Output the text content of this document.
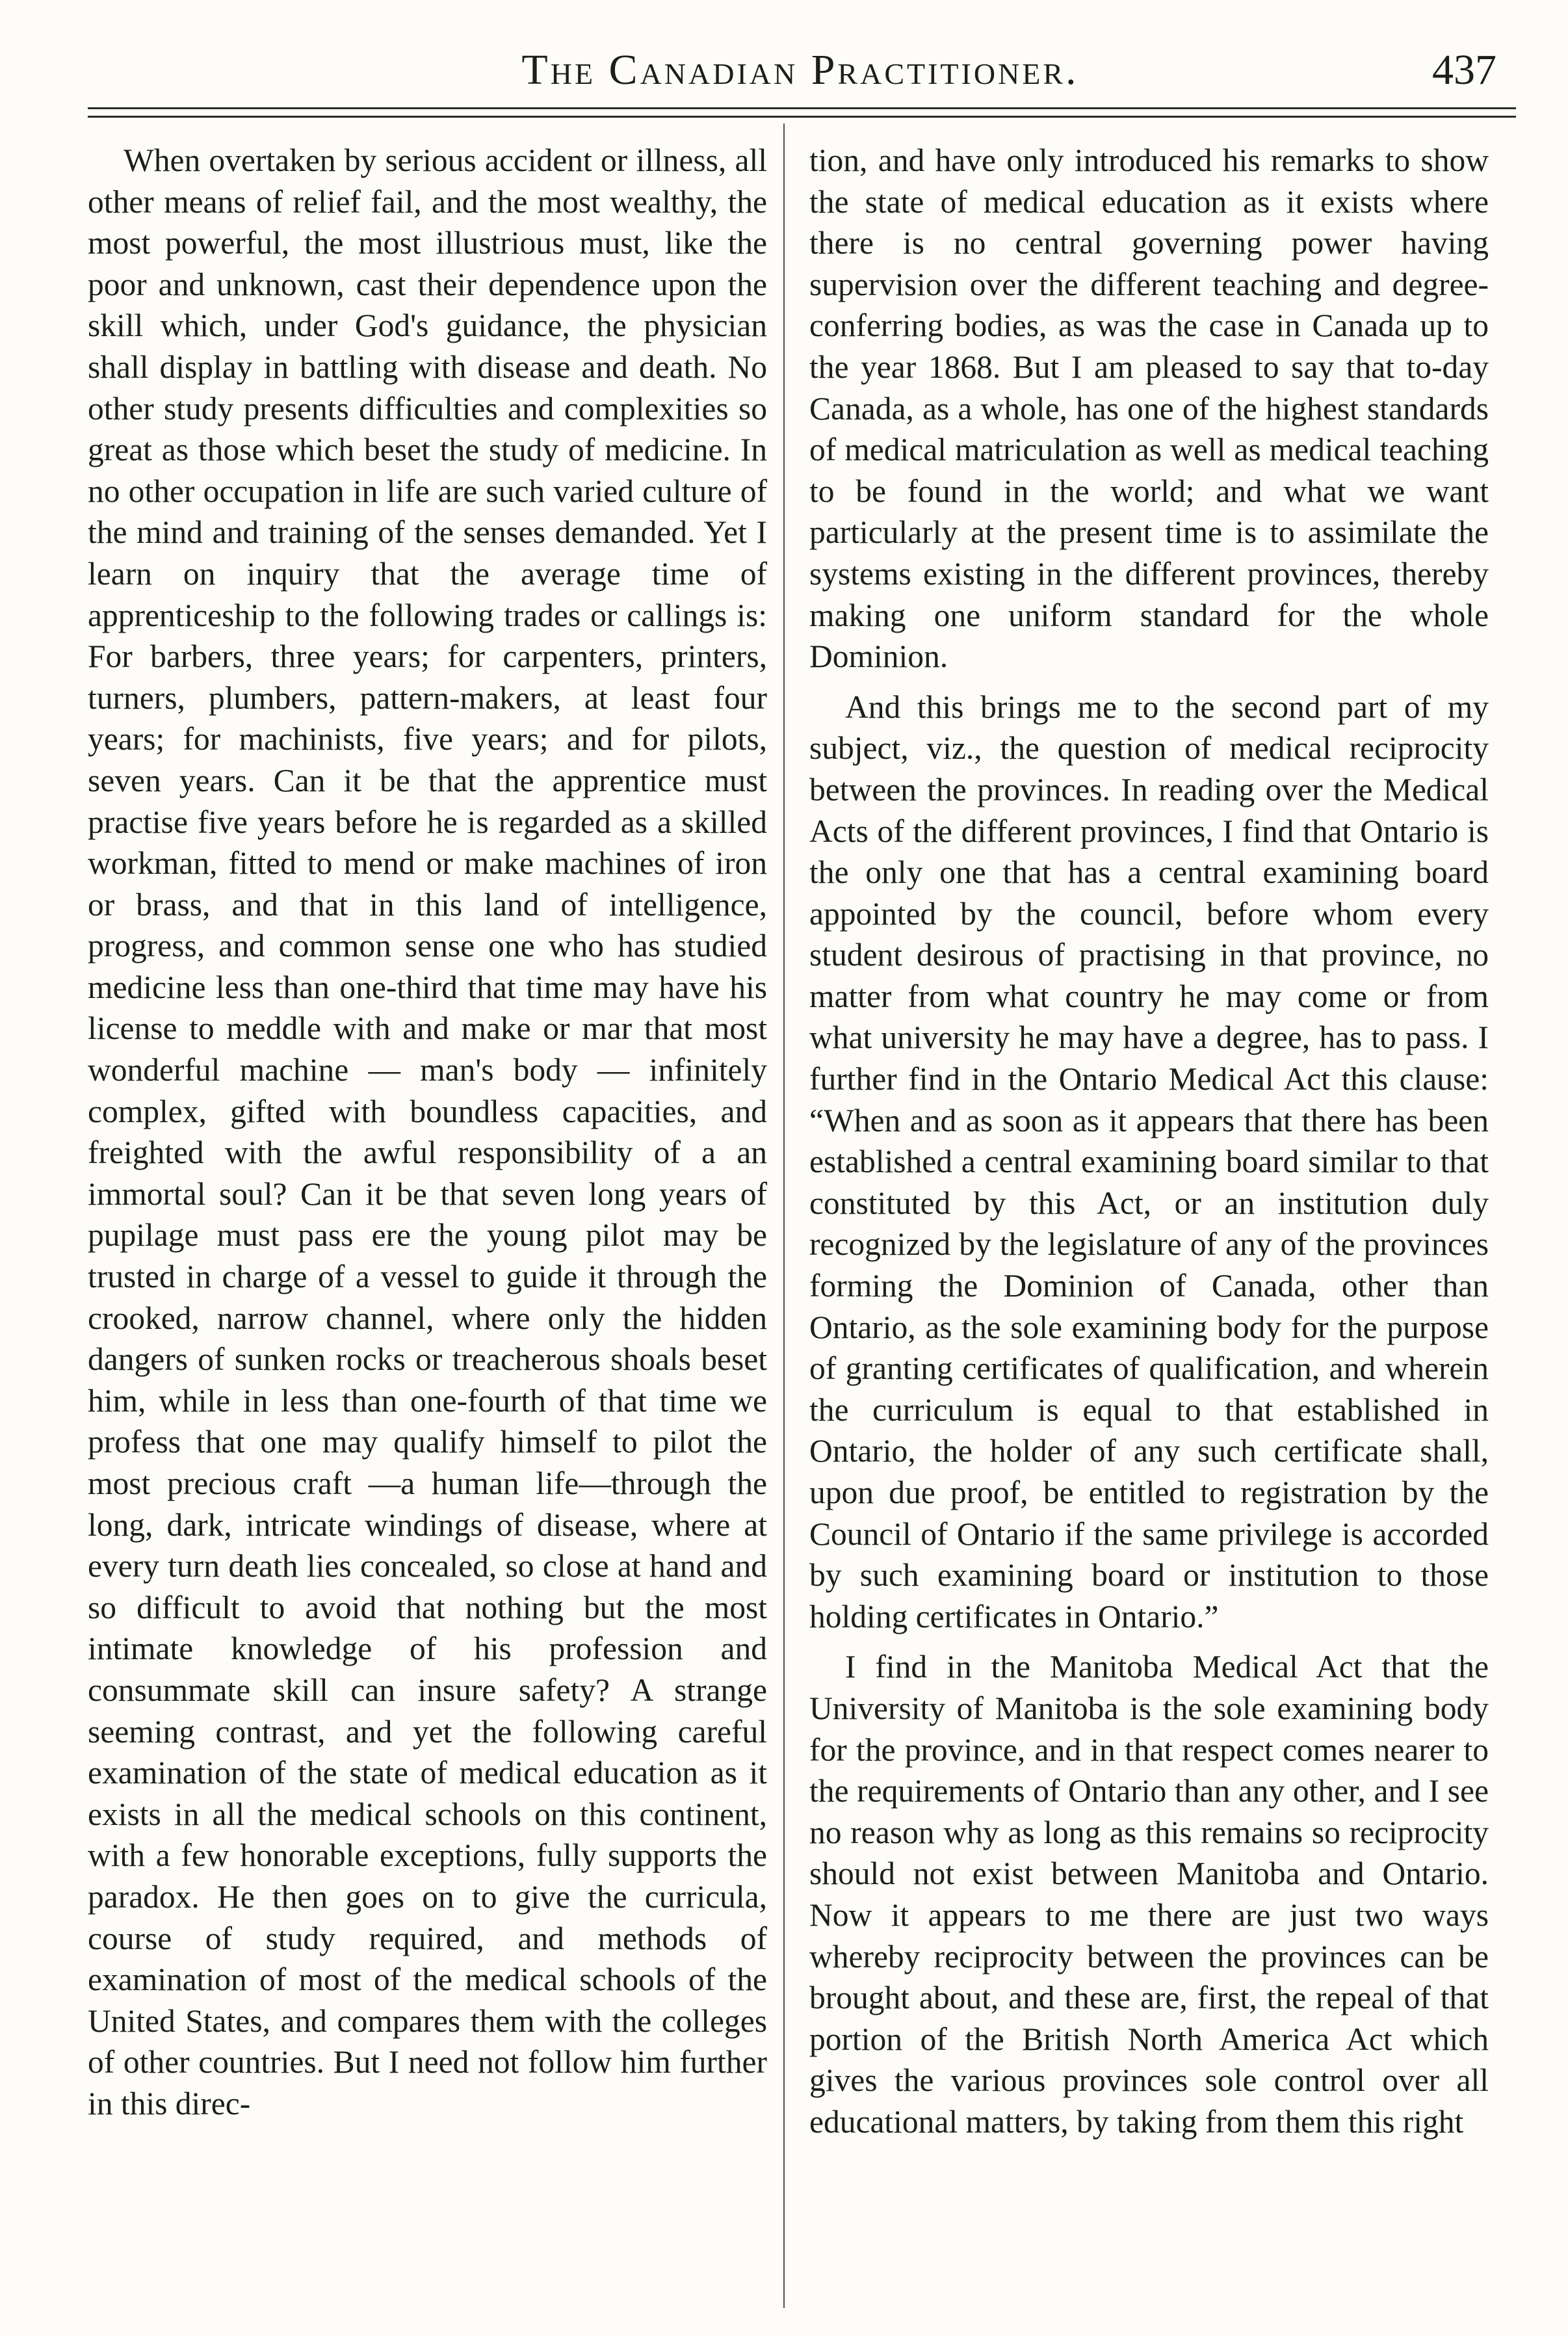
The Canadian Practitioner.	437

When overtaken by serious accident or illness, all other means of relief fail, and the most wealthy, the most powerful, the most illustrious must, like the poor and unknown, cast their dependence upon the skill which, under God's guidance, the physician shall display in battling with disease and death. No other study presents difficulties and complexities so great as those which beset the study of medicine. In no other occupation in life are such varied culture of the mind and training of the senses demanded. Yet I learn on inquiry that the average time of apprenticeship to the following trades or callings is: For barbers, three years; for carpenters, printers, turners, plumbers, pattern-makers, at least four years; for machinists, five years; and for pilots, seven years. Can it be that the apprentice must practise five years before he is regarded as a skilled workman, fitted to mend or make machines of iron or brass, and that in this land of intelligence, progress, and common sense one who has studied medicine less than one-third that time may have his license to meddle with and make or mar that most wonderful machine — man's body — infinitely complex, gifted with boundless capacities, and freighted with the awful responsibility of a an immortal soul? Can it be that seven long years of pupilage must pass ere the young pilot may be trusted in charge of a vessel to guide it through the crooked, narrow channel, where only the hidden dangers of sunken rocks or treacherous shoals beset him, while in less than one-fourth of that time we profess that one may qualify himself to pilot the most precious craft —a human life—through the long, dark, intricate windings of disease, where at every turn death lies concealed, so close at hand and so difficult to avoid that nothing but the most intimate knowledge of his profession and consummate skill can insure safety? A strange seeming contrast, and yet the following careful examination of the state of medical education as it exists in all the medical schools on this continent, with a few honorable exceptions, fully supports the paradox. He then goes on to give the curricula, course of study required, and methods of examination of most of the medical schools of the United States, and compares them with the colleges of other countries. But I need not follow him further in this direc-

tion, and have only introduced his remarks to show the state of medical education as it exists where there is no central governing power having supervision over the different teaching and degree-conferring bodies, as was the case in Canada up to the year 1868. But I am pleased to say that to-day Canada, as a whole, has one of the highest standards of medical matriculation as well as medical teaching to be found in the world; and what we want particularly at the present time is to assimilate the systems existing in the different provinces, thereby making one uniform standard for the whole Dominion.

And this brings me to the second part of my subject, viz., the question of medical reciprocity between the provinces. In reading over the Medical Acts of the different provinces, I find that Ontario is the only one that has a central examining board appointed by the council, before whom every student desirous of practising in that province, no matter from what country he may come or from what university he may have a degree, has to pass. I further find in the Ontario Medical Act this clause: “When and as soon as it appears that there has been established a central examining board similar to that constituted by this Act, or an institution duly recognized by the legislature of any of the provinces forming the Dominion of Canada, other than Ontario, as the sole examining body for the purpose of granting certificates of qualification, and wherein the curriculum is equal to that established in Ontario, the holder of any such certificate shall, upon due proof, be entitled to registration by the Council of Ontario if the same privilege is accorded by such examining board or institution to those holding certificates in Ontario.”

I find in the Manitoba Medical Act that the University of Manitoba is the sole examining body for the province, and in that respect comes nearer to the requirements of Ontario than any other, and I see no reason why as long as this remains so reciprocity should not exist between Manitoba and Ontario. Now it appears to me there are just two ways whereby reciprocity between the provinces can be brought about, and these are, first, the repeal of that portion of the British North America Act which gives the various provinces sole control over all educational matters, by taking from them this right
